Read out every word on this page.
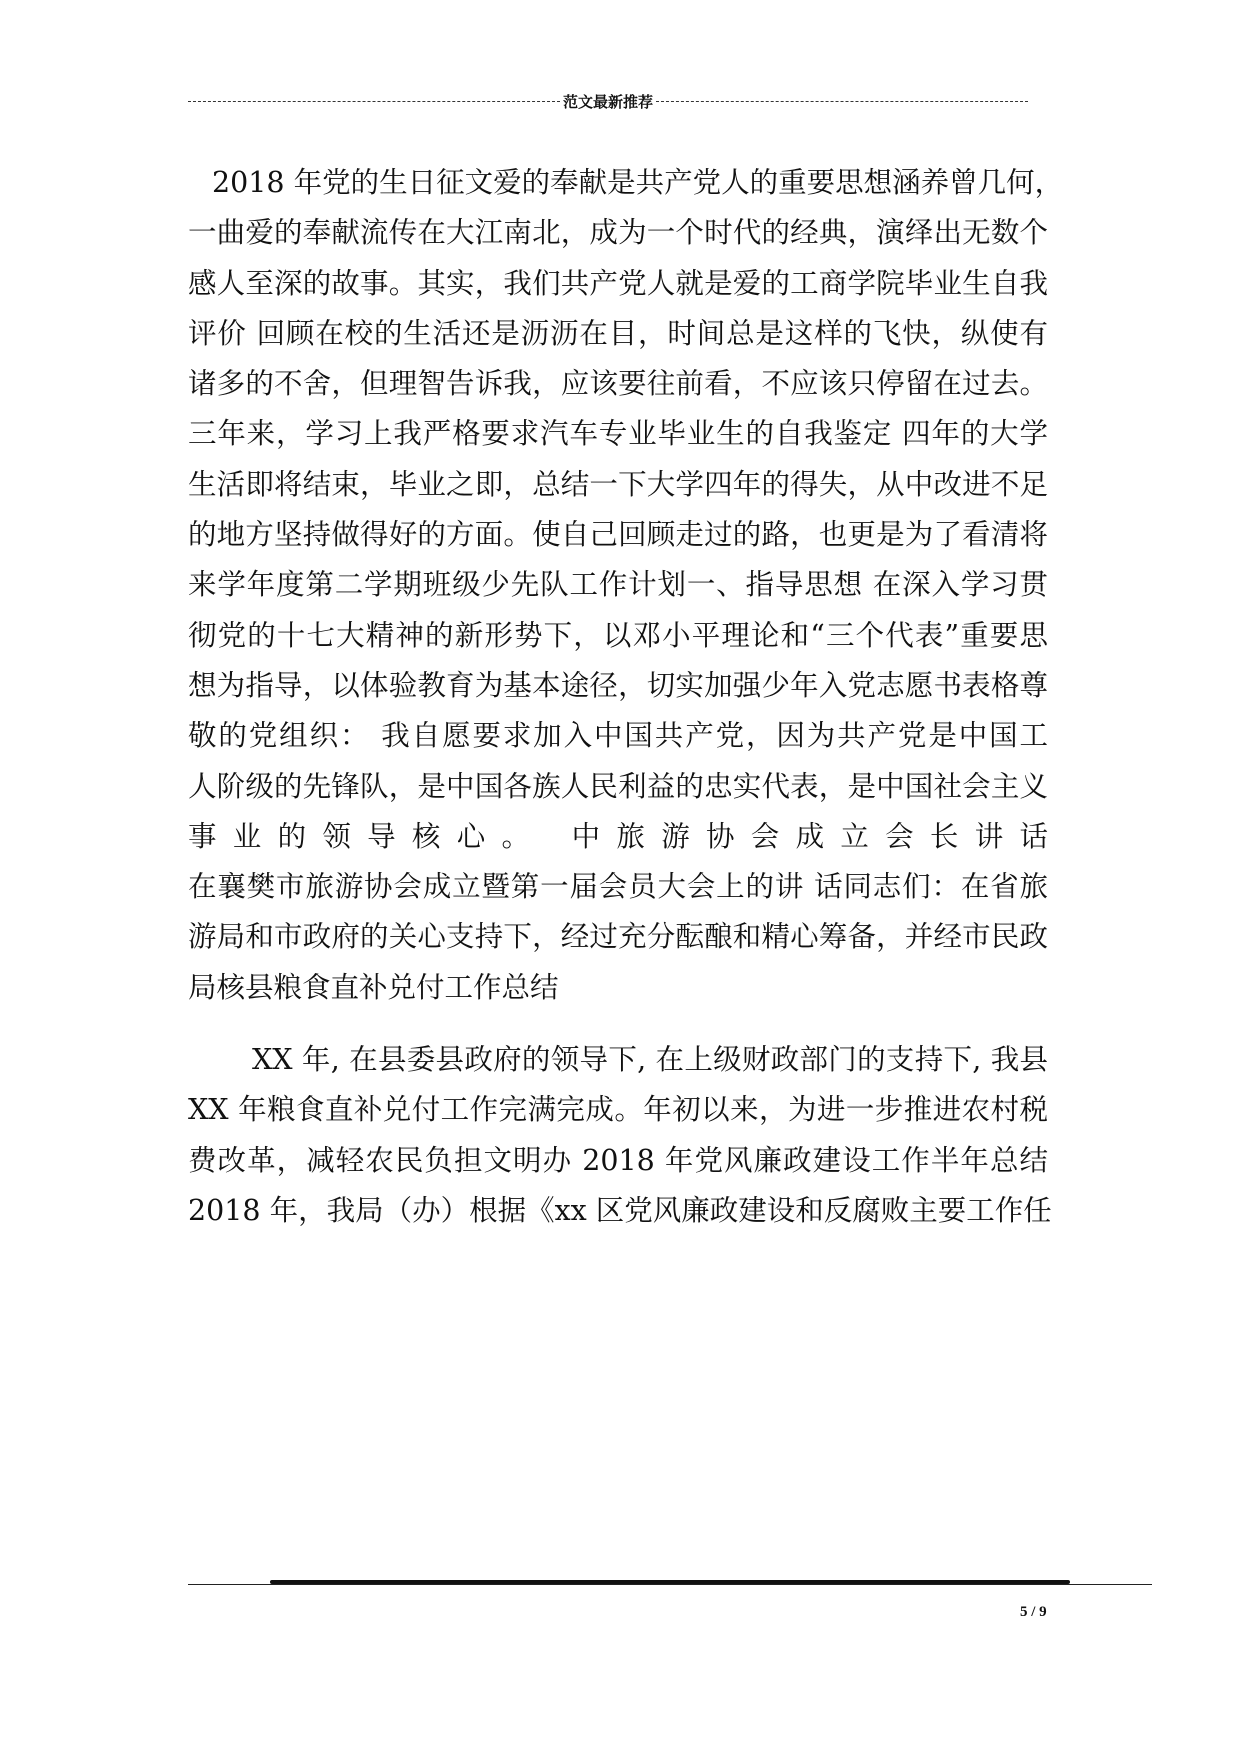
范文最新推荐

2018 年党的生日征文爱的奉献是共产党人的重要思想涵养曾几何，
一曲爱的奉献流传在大江南北，成为一个时代的经典，演绎出无数个
感人至深的故事。其实，我们共产党人就是爱的工商学院毕业生自我
评价 回顾在校的生活还是沥沥在目，时间总是这样的飞快，纵使有
诸多的不舍，但理智告诉我，应该要往前看，不应该只停留在过去。
三年来，学习上我严格要求汽车专业毕业生的自我鉴定 四年的大学
生活即将结束，毕业之即，总结一下大学四年的得失，从中改进不足
的地方坚持做得好的方面。使自己回顾走过的路，也更是为了看清将
来学年度第二学期班级少先队工作计划一、指导思想 在深入学习贯
彻党的十七大精神的新形势下，以邓小平理论和“三个代表”重要思
想为指导，以体验教育为基本途径，切实加强少年入党志愿书表格尊
敬的党组织： 我自愿要求加入中国共产党，因为共产党是中国工
人阶级的先锋队，是中国各族人民利益的忠实代表，是中国社会主义
事业的领导核心。 中旅游协会成立会长讲话
在襄樊市旅游协会成立暨第一届会员大会上的讲 话同志们：在省旅
游局和市政府的关心支持下，经过充分酝酿和精心筹备，并经市民政
局核县粮食直补兑付工作总结

XX 年, 在县委县政府的领导下, 在上级财政部门的支持下, 我县
XX 年粮食直补兑付工作完满完成。年初以来，为进一步推进农村税
费改革，减轻农民负担文明办 2018 年党风廉政建设工作半年总结
2018 年，我局（办）根据《xx 区党风廉政建设和反腐败主要工作任

5 / 9
